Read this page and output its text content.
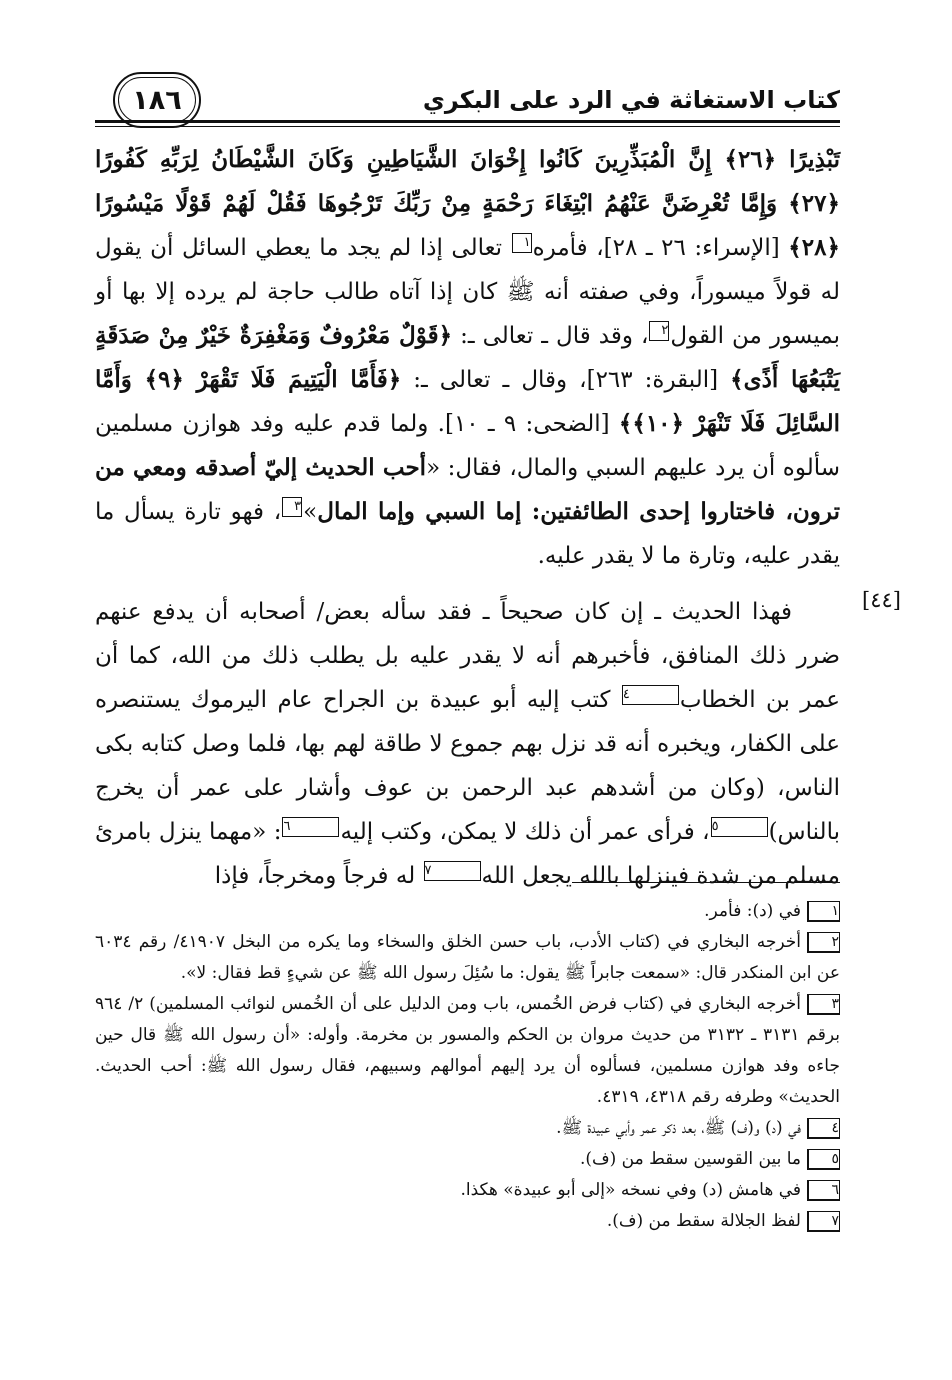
كتاب الاستغاثة في الرد على البكري
١٨٦
[٤٤]

تَبْذِيرًا ﴿٢٦﴾ إِنَّ الْمُبَذِّرِينَ كَانُوا إِخْوَانَ الشَّيَاطِينِ وَكَانَ الشَّيْطَانُ لِرَبِّهِ كَفُورًا ﴿٢٧﴾ وَإِمَّا تُعْرِضَنَّ عَنْهُمُ ابْتِغَاءَ رَحْمَةٍ مِنْ رَبِّكَ تَرْجُوهَا فَقُلْ لَهُمْ قَوْلًا مَيْسُورًا ﴿٢٨﴾ [الإسراء: ٢٦ ـ ٢٨]، فأمره١ تعالى إذا لم يجد ما يعطي السائل أن يقول له قولاً ميسوراً، وفي صفته أنه ﷺ كان إذا آتاه طالب حاجة لم يرده إلا بها أو بميسور من القول٢، وقد قال ـ تعالى ـ: ﴿قَوْلٌ مَعْرُوفٌ وَمَغْفِرَةٌ خَيْرٌ مِنْ صَدَقَةٍ يَتْبَعُهَا أَذًى﴾ [البقرة: ٢٦٣]، وقال ـ تعالى ـ: ﴿فَأَمَّا الْيَتِيمَ فَلَا تَقْهَرْ ﴿٩﴾ وَأَمَّا السَّائِلَ فَلَا تَنْهَرْ ﴿١٠﴾﴾ [الضحى: ٩ ـ ١٠]. ولما قدم عليه وفد هوازن مسلمين سألوه أن يرد عليهم السبي والمال، فقال: «أحب الحديث إليّ أصدقه ومعي من ترون، فاختاروا إحدى الطائفتين: إما السبي وإما المال»٣، فهو تارة يسأل ما يقدر عليه، وتارة ما لا يقدر عليه.

فهذا الحديث ـ إن كان صحيحاً ـ فقد سأله بعض/ أصحابه أن يدفع عنهم ضرر ذلك المنافق، فأخبرهم أنه لا يقدر عليه بل يطلب ذلك من الله، كما أن عمر بن الخطاب٤ كتب إليه أبو عبيدة بن الجراح عام اليرموك يستنصره على الكفار، ويخبره أنه قد نزل بهم جموع لا طاقة لهم بها، فلما وصل كتابه بكى الناس، (وكان من أشدهم عبد الرحمن بن عوف وأشار على عمر أن يخرج بالناس)٥، فرأى عمر أن ذلك لا يمكن، وكتب إليه٦: «مهما ينزل بامرئ مسلم من شدة فينزلها بالله يجعل الله٧ له فرجاً ومخرجاً، فإذا

١في (د): فأمر.

٢أخرجه البخاري في (كتاب الأدب، باب حسن الخلق والسخاء وما يكره من البخل ٤١٩٠٧/ رقم ٦٠٣٤ عن ابن المنكدر قال: «سمعت جابراً ﷺ يقول: ما سُئِلَ رسول الله ﷺ عن شيءٍ قط فقال: لا».

٣أخرجه البخاري في (كتاب فرض الخُمس، باب ومن الدليل على أن الخُمس لنوائب المسلمين) ٢/ ٩٦٤ برقم ٣١٣١ ـ ٣١٣٢ من حديث مروان بن الحكم والمسور بن مخرمة. وأوله: «أن رسول الله ﷺ قال حين جاءه وفد هوازن مسلمين، فسألوه أن يرد إليهم أموالهم وسبيهم، فقال رسول الله ﷺ: أحب الحديث. الحديث» وطرفه رقم ٤٣١٨، ٤٣١٩.

٤في (د) و(ف) ﷺ، بعد ذكر عمر وأبي عبيدة ﷺ.

٥ما بين القوسين سقط من (ف).

٦في هامش (د) وفي نسخه «إلى أبو عبيدة» هكذا.

٧لفظ الجلالة سقط من (ف).
